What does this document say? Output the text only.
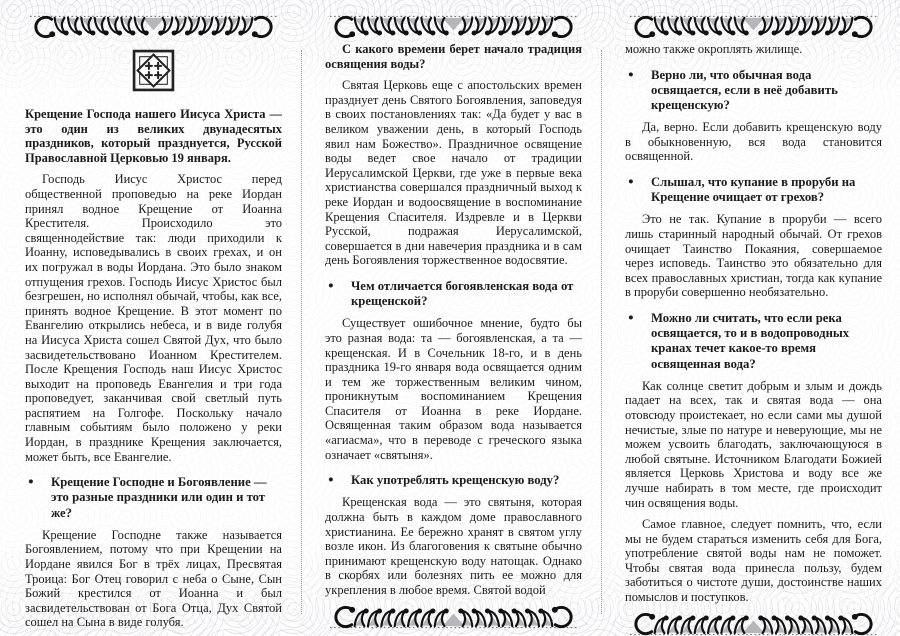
Крещение Господа нашего Иисуса Христа — это один из великих двунадесятых праздников, который празднуется, Русской Православной Церковью 19 января.

Господь Иисус Христос перед общественной проповедью на реке Иордан принял водное Крещение от Иоанна Крестителя. Происходило это священнодействие так: люди приходили к Иоанну, исповедывались в своих грехах, и он их погружал в воды Иордана. Это было знаком отпущения грехов. Господь Иисус Христос был безгрешен, но исполнял обычай, чтобы, как все, принять водное Крещение. В этот момент по Евангелию открылись небеса, и в виде голубя на Иисуса Христа сошел Святой Дух, что было засвидетельствовано Иоанном Крестителем. После Крещения Господь наш Иисус Христос выходит на проповедь Евангелия и три года проповедует, заканчивая свой светлый путь распятием на Голгофе. Поскольку начало главным событиям было положено у реки Иордан, в празднике Крещения заключается, может быть, все Евангелие.

●	Крещение Господне и Богоявление — это разные праздники или один и тот же?

Крещение Господне также называется Богоявлением, потому что при Крещении на Иордане явился Бог в трёх лицах, Пресвятая Троица: Бог Отец говорил с неба о Сыне, Сын Божий крестился от Иоанна и был засвидетельствован от Бога Отца, Дух Святой сошел на Сына в виде голубя.

С какого времени берет начало традиция освящения воды?

Святая Церковь еще с апостольских времен празднует день Святого Богоявления, заповедуя в своих постановлениях так: «Да будет у вас в великом уважении день, в который Господь явил нам Божество». Праздничное освящение воды ведет свое начало от традиции Иерусалимской Церкви, где уже в первые века христианства совершался праздничный выход к реке Иордан и водоосвящение в воспоминание Крещения Спасителя. Издревле и в Церкви Русской, подражая Иерусалимской, совершается в дни навечерия праздника и в сам день Богоявления торжественное водосвятие.

●	Чем отличается богоявленская вода от крещенской?

Существует ошибочное мнение, будто бы это разная вода: та — богоявленская, а та — крещенская. И в Сочельник 18-го, и в день праздника 19-го января вода освящается одним и тем же торжественным великим чином, проникнутым воспоминанием Крещения Спасителя от Иоанна в реке Иордане. Освященная таким образом вода называется «агиасма», что в переводе с греческого языка означает «святыня».

●	Как употреблять крещенскую воду?

Крещенская вода — это святыня, которая должна быть в каждом доме православного христианина. Ее бережно хранят в святом углу возле икон. Из благоговения к святыне обычно принимают крещенскую воду натощак. Однако в скорбях или болезнях пить ее можно для укрепления в любое время. Святой водой

можно также окроплять жилище.

●	Верно ли, что обычная вода освящается, если в неё добавить крещенскую?

Да, верно. Если добавить крещенскую воду в обыкновенную, вся вода становится освященной.

●	Слышал, что купание в проруби на Крещение очищает от грехов?

Это не так. Купание в проруби — всего лишь старинный народный обычай. От грехов очищает Таинство Покаяния, совершаемое через исповедь. Таинство это обязательно для всех православных христиан, тогда как купание в проруби совершенно необязательно.

●	Можно ли считать, что если река освящается, то и в водопроводных кранах течет какое-то время освященная вода?

Как солнце светит добрым и злым и дождь падает на всех, так и святая вода — она отовсюду проистекает, но если сами мы душой нечистые, злые по натуре и неверующие, мы не можем усвоить благодать, заключающуюся в любой святыне. Источником Благодати Божией является Церковь Христова и воду все же лучше набирать в том месте, где происходит чин освящения воды.

Самое главное, следует помнить, что, если мы не будем стараться изменить себя для Бога, употребление святой воды нам не поможет. Чтобы святая вода принесла пользу, будем заботиться о чистоте души, достоинстве наших помыслов и поступков.
